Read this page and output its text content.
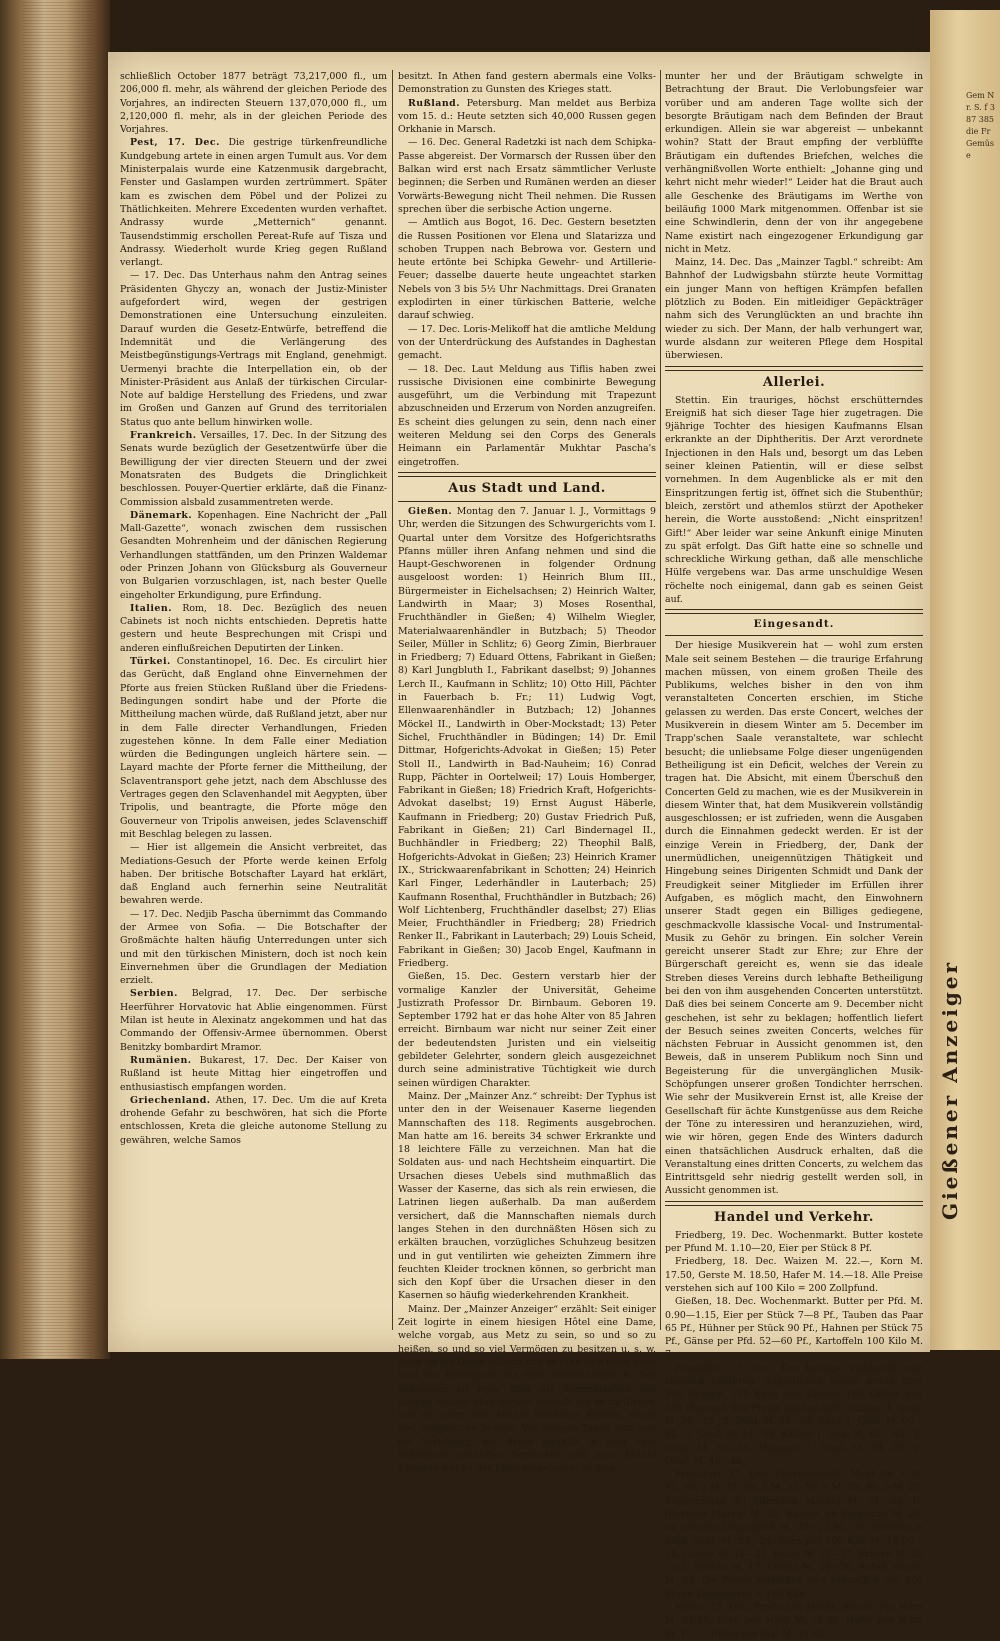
Gießener Anzeiger
Gem Nr. S. f 387 385 die Fr Gemüse

schließlich October 1877 beträgt 73,217,000 fl., um 206,000 fl. mehr, als während der gleichen Periode des Vorjahres, an indirecten Steuern 137,070,000 fl., um 2,120,000 fl. mehr, als in der gleichen Periode des Vorjahres.

Pest, 17. Dec. Die gestrige türkenfreundliche Kundgebung artete in einen argen Tumult aus. Vor dem Ministerpalais wurde eine Katzenmusik dargebracht, Fenster und Gaslampen wurden zertrümmert. Später kam es zwischen dem Pöbel und der Polizei zu Thätlichkeiten. Mehrere Excedenten wurden verhaftet. Andrassy wurde „Metternich“ genannt. Tausendstimmig erschollen Pereat-Rufe auf Tisza und Andrassy. Wiederholt wurde Krieg gegen Rußland verlangt.

— 17. Dec. Das Unterhaus nahm den Antrag seines Präsidenten Ghyczy an, wonach der Justiz-Minister aufgefordert wird, wegen der gestrigen Demonstrationen eine Untersuchung einzuleiten. Darauf wurden die Gesetz-Entwürfe, betreffend die Indemnität und die Verlängerung des Meistbegünstigungs-Vertrags mit England, genehmigt. Uermenyi brachte die Interpellation ein, ob der Minister-Präsident aus Anlaß der türkischen Circular-Note auf baldige Herstellung des Friedens, und zwar im Großen und Ganzen auf Grund des territorialen Status quo ante bellum hinwirken wolle.

Frankreich. Versailles, 17. Dec. In der Sitzung des Senats wurde bezüglich der Gesetzentwürfe über die Bewilligung der vier directen Steuern und der zwei Monatsraten des Budgets die Dringlichkeit beschlossen. Pouyer-Quertier erklärte, daß die Finanz-Commission alsbald zusammentreten werde.

Dänemark. Kopenhagen. Eine Nachricht der „Pall Mall-Gazette“, wonach zwischen dem russischen Gesandten Mohrenheim und der dänischen Regierung Verhandlungen stattfänden, um den Prinzen Waldemar oder Prinzen Johann von Glücksburg als Gouverneur von Bulgarien vorzuschlagen, ist, nach bester Quelle eingeholter Erkundigung, pure Erfindung.

Italien. Rom, 18. Dec. Bezüglich des neuen Cabinets ist noch nichts entschieden. Depretis hatte gestern und heute Besprechungen mit Crispi und anderen einflußreichen Deputirten der Linken.

Türkei. Constantinopel, 16. Dec. Es circulirt hier das Gerücht, daß England ohne Einvernehmen der Pforte aus freien Stücken Rußland über die Friedens-Bedingungen sondirt habe und der Pforte die Mittheilung machen würde, daß Rußland jetzt, aber nur in dem Falle directer Verhandlungen, Frieden zugestehen könne. In dem Falle einer Mediation würden die Bedingungen ungleich härtere sein. — Layard machte der Pforte ferner die Mittheilung, der Sclaventransport gehe jetzt, nach dem Abschlusse des Vertrages gegen den Sclavenhandel mit Aegypten, über Tripolis, und beantragte, die Pforte möge den Gouverneur von Tripolis anweisen, jedes Sclavenschiff mit Beschlag belegen zu lassen.

— Hier ist allgemein die Ansicht verbreitet, das Mediations-Gesuch der Pforte werde keinen Erfolg haben. Der britische Botschafter Layard hat erklärt, daß England auch fernerhin seine Neutralität bewahren werde.

— 17. Dec. Nedjib Pascha übernimmt das Commando der Armee von Sofia. — Die Botschafter der Großmächte halten häufig Unterredungen unter sich und mit den türkischen Ministern, doch ist noch kein Einvernehmen über die Grundlagen der Mediation erzielt.

Serbien. Belgrad, 17. Dec. Der serbische Heerführer Horvatovic hat Ablie eingenommen. Fürst Milan ist heute in Alexinatz angekommen und hat das Commando der Offensiv-Armee übernommen. Oberst Benitzky bombardirt Mramor.

Rumänien. Bukarest, 17. Dec. Der Kaiser von Rußland ist heute Mittag hier eingetroffen und enthusiastisch empfangen worden.

Griechenland. Athen, 17. Dec. Um die auf Kreta drohende Gefahr zu beschwören, hat sich die Pforte entschlossen, Kreta die gleiche autonome Stellung zu gewähren, welche Samos

besitzt. In Athen fand gestern abermals eine Volks-Demonstration zu Gunsten des Krieges statt.

Rußland. Petersburg. Man meldet aus Berbiza vom 15. d.: Heute setzten sich 40,000 Russen gegen Orkhanie in Marsch.

— 16. Dec. General Radetzki ist nach dem Schipka-Passe abgereist. Der Vormarsch der Russen über den Balkan wird erst nach Ersatz sämmtlicher Verluste beginnen; die Serben und Rumänen werden an dieser Vorwärts-Bewegung nicht Theil nehmen. Die Russen sprechen über die serbische Action ungerne.

— Amtlich aus Bogot, 16. Dec. Gestern besetzten die Russen Positionen vor Elena und Slatarizza und schoben Truppen nach Bebrowa vor. Gestern und heute ertönte bei Schipka Gewehr- und Artillerie-Feuer; dasselbe dauerte heute ungeachtet starken Nebels von 3 bis 5½ Uhr Nachmittags. Drei Granaten explodirten in einer türkischen Batterie, welche darauf schwieg.

— 17. Dec. Loris-Melikoff hat die amtliche Meldung von der Unterdrückung des Aufstandes in Daghestan gemacht.

— 18. Dec. Laut Meldung aus Tiflis haben zwei russische Divisionen eine combinirte Bewegung ausgeführt, um die Verbindung mit Trapezunt abzuschneiden und Erzerum von Norden anzugreifen. Es scheint dies gelungen zu sein, denn nach einer weiteren Meldung sei den Corps des Generals Heimann ein Parlamentär Mukhtar Pascha's eingetroffen.

Aus Stadt und Land.

Gießen. Montag den 7. Januar l. J., Vormittags 9 Uhr, werden die Sitzungen des Schwurgerichts vom I. Quartal unter dem Vorsitze des Hofgerichtsraths Pfanns müller ihren Anfang nehmen und sind die Haupt-Geschworenen in folgender Ordnung ausgeloost worden: 1) Heinrich Blum III., Bürgermeister in Eichelsachsen; 2) Heinrich Walter, Landwirth in Maar; 3) Moses Rosenthal, Fruchthändler in Gießen; 4) Wilhelm Wiegler, Materialwaarenhändler in Butzbach; 5) Theodor Seiler, Müller in Schlitz; 6) Georg Zimin, Bierbrauer in Friedberg; 7) Eduard Ottens, Fabrikant in Gießen; 8) Karl Jungbluth I., Fabrikant daselbst; 9) Johannes Lerch II., Kaufmann in Schlitz; 10) Otto Hill, Pächter in Fauerbach b. Fr.; 11) Ludwig Vogt, Ellenwaarenhändler in Butzbach; 12) Johannes Möckel II., Landwirth in Ober-Mockstadt; 13) Peter Sichel, Fruchthändler in Büdingen; 14) Dr. Emil Dittmar, Hofgerichts-Advokat in Gießen; 15) Peter Stoll II., Landwirth in Bad-Nauheim; 16) Conrad Rupp, Pächter in Oortelweil; 17) Louis Homberger, Fabrikant in Gießen; 18) Friedrich Kraft, Hofgerichts-Advokat daselbst; 19) Ernst August Häberle, Kaufmann in Friedberg; 20) Gustav Friedrich Puß, Fabrikant in Gießen; 21) Carl Bindernagel II., Buchhändler in Friedberg; 22) Theophil Balß, Hofgerichts-Advokat in Gießen; 23) Heinrich Kramer IX., Strickwaarenfabrikant in Schotten; 24) Heinrich Karl Finger, Lederhändler in Lauterbach; 25) Kaufmann Rosenthal, Fruchthändler in Butzbach; 26) Wolf Lichtenberg, Fruchthändler daselbst; 27) Elias Meier, Fruchthändler in Friedberg; 28) Friedrich Renker II., Fabrikant in Lauterbach; 29) Louis Scheid, Fabrikant in Gießen; 30) Jacob Engel, Kaufmann in Friedberg.

Gießen, 15. Dec. Gestern verstarb hier der vormalige Kanzler der Universität, Geheime Justizrath Professor Dr. Birnbaum. Geboren 19. September 1792 hat er das hohe Alter von 85 Jahren erreicht. Birnbaum war nicht nur seiner Zeit einer der bedeutendsten Juristen und ein vielseitig gebildeter Gelehrter, sondern gleich ausgezeichnet durch seine administrative Tüchtigkeit wie durch seinen würdigen Charakter.

Mainz. Der „Mainzer Anz.“ schreibt: Der Typhus ist unter den in der Weisenauer Kaserne liegenden Mannschaften des 118. Regiments ausgebrochen. Man hatte am 16. bereits 34 schwer Erkrankte und 18 leichtere Fälle zu verzeichnen. Man hat die Soldaten aus- und nach Hechtsheim einquartirt. Die Ursachen dieses Uebels sind muthmaßlich das Wasser der Kaserne, das sich als rein erwiesen, die Latrinen liegen außerhalb. Da man außerdem versichert, daß die Mannschaften niemals durch langes Stehen in den durchnäßten Hösen sich zu erkälten brauchen, vorzügliches Schuhzeug besitzen und in gut ventilirten wie geheizten Zimmern ihre feuchten Kleider trocknen können, so gerbricht man sich den Kopf über die Ursachen dieser in den Kasernen so häufig wiederkehrenden Krankheit.

Mainz. Der „Mainzer Anzeiger“ erzählt: Seit einiger Zeit logirte in einem hiesigen Hôtel eine Dame, welche vorgab, aus Metz zu sein, so und so zu heißen, so und so viel Vermögen zu besitzen u. s. w. Auch ist die Dame hübsch und so fand sich denn auch bald ein Bräutigam aus dem benachbarten B. Der Bräutigam ist zwar über die Sommerfalten des Lebens hinaus; aber gerade deshalb um so zärtlicher, was er durch den Ankauf kostbarer Kleider, Ringe und dergleichen bewies. Vor einigen Tagen nun war die Verlobung, die Braut strahlte in dem vom Bräutigam gekauften Schmucke und eine Anzahl Freunde war zu der Feier eingeladen; es ging

munter her und der Bräutigam schwelgte in Betrachtung der Braut. Die Verlobungsfeier war vorüber und am anderen Tage wollte sich der besorgte Bräutigam nach dem Befinden der Braut erkundigen. Allein sie war abgereist — unbekannt wohin? Statt der Braut empfing der verblüffte Bräutigam ein duftendes Briefchen, welches die verhängnißvollen Worte enthielt: „Johanne ging und kehrt nicht mehr wieder!“ Leider hat die Braut auch alle Geschenke des Bräutigams im Werthe von beiläufig 1000 Mark mitgenommen. Offenbar ist sie eine Schwindlerin, denn der von ihr angegebene Name existirt nach eingezogener Erkundigung gar nicht in Metz.

Mainz, 14. Dec. Das „Mainzer Tagbl.“ schreibt: Am Bahnhof der Ludwigsbahn stürzte heute Vormittag ein junger Mann von heftigen Krämpfen befallen plötzlich zu Boden. Ein mitleidiger Gepäckträger nahm sich des Verunglückten an und brachte ihn wieder zu sich. Der Mann, der halb verhungert war, wurde alsdann zur weiteren Pflege dem Hospital überwiesen.

Allerlei.

Stettin. Ein trauriges, höchst erschütterndes Ereigniß hat sich dieser Tage hier zugetragen. Die 9jährige Tochter des hiesigen Kaufmanns Elsan erkrankte an der Diphtheritis. Der Arzt verordnete Injectionen in den Hals und, besorgt um das Leben seiner kleinen Patientin, will er diese selbst vornehmen. In dem Augenblicke als er mit den Einspritzungen fertig ist, öffnet sich die Stubenthür; bleich, zerstört und athemlos stürzt der Apotheker herein, die Worte ausstoßend: „Nicht einspritzen! Gift!“ Aber leider war seine Ankunft einige Minuten zu spät erfolgt. Das Gift hatte eine so schnelle und schreckliche Wirkung gethan, daß alle menschliche Hülfe vergebens war. Das arme unschuldige Wesen röchelte noch einigemal, dann gab es seinen Geist auf.

Eingesandt.

Der hiesige Musikverein hat — wohl zum ersten Male seit seinem Bestehen — die traurige Erfahrung machen müssen, von einem großen Theile des Publikums, welches bisher in den von ihm veranstalteten Concerten erschien, im Stiche gelassen zu werden. Das erste Concert, welches der Musikverein in diesem Winter am 5. December im Trapp'schen Saale veranstaltete, war schlecht besucht; die unliebsame Folge dieser ungenügenden Betheiligung ist ein Deficit, welches der Verein zu tragen hat. Die Absicht, mit einem Überschuß den Concerten Geld zu machen, wie es der Musikverein in diesem Winter that, hat dem Musikverein vollständig ausgeschlossen; er ist zufrieden, wenn die Ausgaben durch die Einnahmen gedeckt werden. Er ist der einzige Verein in Friedberg, der, Dank der unermüdlichen, uneigennützigen Thätigkeit und Hingebung seines Dirigenten Schmidt und Dank der Freudigkeit seiner Mitglieder im Erfüllen ihrer Aufgaben, es möglich macht, den Einwohnern unserer Stadt gegen ein Billiges gediegene, geschmackvolle klassische Vocal- und Instrumental-Musik zu Gehör zu bringen. Ein solcher Verein gereicht unserer Stadt zur Ehre; zur Ehre der Bürgerschaft gereicht es, wenn sie das ideale Streben dieses Vereins durch lebhafte Betheiligung bei den von ihm ausgehenden Concerten unterstützt. Daß dies bei seinem Concerte am 9. December nicht geschehen, ist sehr zu beklagen; hoffentlich liefert der Besuch seines zweiten Concerts, welches für nächsten Februar in Aussicht genommen ist, den Beweis, daß in unserem Publikum noch Sinn und Begeisterung für die unvergänglichen Musik-Schöpfungen unserer großen Tondichter herrschen. Wie sehr der Musikverein Ernst ist, alle Kreise der Gesellschaft für ächte Kunstgenüsse aus dem Reiche der Töne zu interessiren und heranzuziehen, wird, wie wir hören, gegen Ende des Winters dadurch einen thatsächlichen Ausdruck erhalten, daß die Veranstaltung eines dritten Concerts, zu welchem das Eintrittsgeld sehr niedrig gestellt werden soll, in Aussicht genommen ist.

Handel und Verkehr.

Friedberg, 19. Dec. Wochenmarkt. Butter kostete per Pfund M. 1.10—20, Eier per Stück 8 Pf.

Friedberg, 18. Dec. Waizen M. 22.—, Korn M. 17.50, Gerste M. 18.50, Hafer M. 14.—18. Alle Preise verstehen sich auf 100 Kilo = 200 Zollpfund.

Gießen, 18. Dec. Wochenmarkt. Butter per Pfd. M. 0.90—1.15, Eier per Stück 7—8 Pf., Tauben das Paar 65 Pf., Hühner per Stück 90 Pf., Hahnen per Stück 75 Pf., Gänse per Pfd. 52—60 Pf., Kartoffeln 100 Kilo M. 7.

Frankfurt, 17. Dec. Der heutige Viehmarkt war ziemlich befahren. Angetrieben waren etwas über 300 Ochsen, 130 Kühe und Rinder, 190 Kälber und 500 Hammel. Die Preise stellten sich: Ochsen 1. Qual. M. 70—72., 2. Qual. M. 66—68. Kühe 1. Qual. M. 60—62., 2. Qual. M. 54—56. Kälber 1. Qua. M. 60.—63., 2. Qual. M. 52—54. Hammel 1. Qual. M. 54—56, 2. Qual. M. 46—48.

Frankfurt, 17. Dec. Fruchtbericht. Mehl Nr. 1 M. 41, Nr. 2 M. 37, Nr. 3 M. 33, Nr. 4 M. 29, Nr. 5 M. 23. Roggenmehl 0/1 (Berliner Marke) M. 24, do. II. (Berliner Marke) M. 20. Waizen, ab Bayrische M. 23, ab unserer Umgegend M. 22—22.50, do. fremder je nach Qual. M. 23—24. Korn per 100 Kilo M. 16.50—18. Gerste M. 18—21. Hafer M. 13—17. Erbsen M. 20—23. Wicken M. 17. Linsen M. 20—26. Rüböl, detail, M. 82. Die Preise verstehen sich sämmtlich per 200 Pfund Zollgewicht = 100 Kilo.

Mainz, 17. Dec. Producten-Markt. Waizen per März M. 21.45. Korn per März M. 15.30. Hafer per März M. 15.—. Rüböl per Mai M. 37.60.
